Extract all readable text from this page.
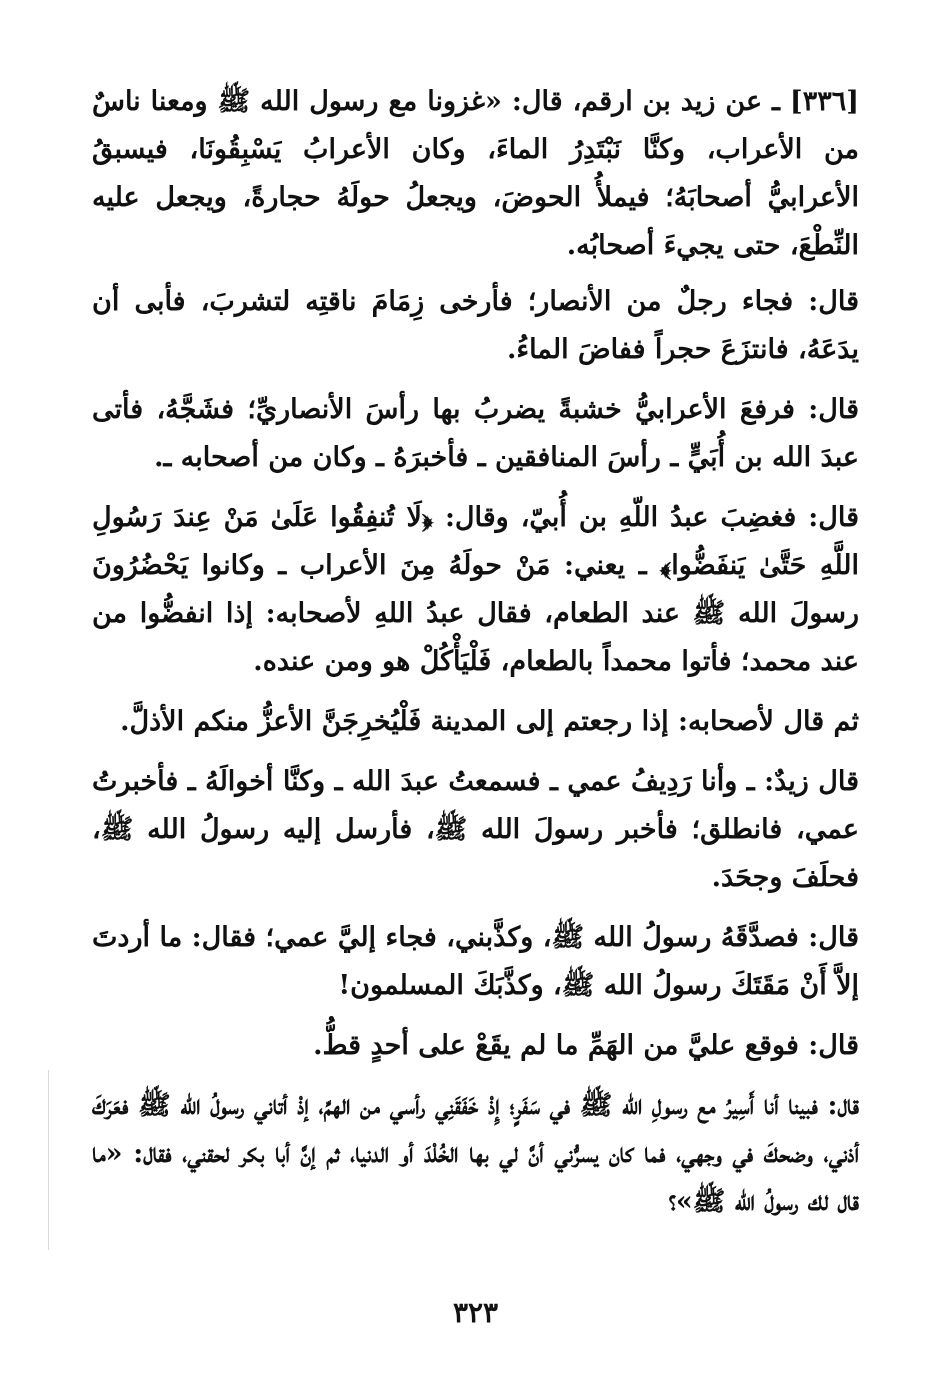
[٣٣٦] ـ عن زيد بن ارقم، قال: «غزونا مع رسول الله ﷺ ومعنا ناسٌ من الأعراب، وكنَّا نَبْتَدِرُ الماءَ، وكان الأعرابُ يَسْبِقُونَا، فيسبقُ الأعرابيُّ أصحابَهُ؛ فيملأُ الحوضَ، ويجعلُ حولَهُ حجارةً، ويجعل عليه النِّطْعَ، حتى يجيءَ أصحابُه.

قال: فجاء رجلٌ من الأنصار؛ فأرخى زِمَامَ ناقتِه لتشربَ، فأبى أن يدَعَهُ، فانتزَعَ حجراً ففاضَ الماءُ.

قال: فرفعَ الأعرابيُّ خشبةً يضربُ بها رأسَ الأنصاريِّ؛ فشَجَّهُ، فأتى عبدَ الله بن أُبَيٍّ ـ رأسَ المنافقين ـ فأخبرَهُ ـ وكان من أصحابه ـ.

قال: فغضِبَ عبدُ اللّهِ بن أُبيّ، وقال: ﴿لَا تُنفِقُوا عَلَىٰ مَنْ عِندَ رَسُولِ اللَّهِ حَتَّىٰ يَنفَضُّوا﴾ ـ يعني: مَنْ حولَهُ مِنَ الأعراب ـ وكانوا يَحْضُرُونَ رسولَ الله ﷺ عند الطعام، فقال عبدُ اللهِ لأصحابه: إذا انفضُّوا من عند محمد؛ فأتوا محمداً بالطعام، فَلْيَأْكُلْ هو ومن عنده.

ثم قال لأصحابه: إذا رجعتم إلى المدينة فَلْيُخرِجَنَّ الأعزُّ منكم الأذلَّ.

قال زيدٌ: ـ وأنا رَدِيفُ عمي ـ فسمعتُ عبدَ الله ـ وكنَّا أخوالَهُ ـ فأخبرتُ عمي، فانطلق؛ فأخبر رسولَ الله ﷺ، فأرسل إليه رسولُ الله ﷺ، فحلَفَ وجحَدَ.

قال: فصدَّقَهُ رسولُ الله ﷺ، وكذَّبني، فجاء إليَّ عمي؛ فقال: ما أردتَ إلاَّ أَنْ مَقَتَكَ رسولُ الله ﷺ، وكذَّبَكَ المسلمون!

قال: فوقع عليَّ من الهَمِّ ما لم يقَعْ على أحدٍ قطُّ.

قال: فبينا أنا أَسِيرُ مع رسولِ الله ﷺ في سَفَرٍ؛ إِذْ خَفَقَنِي رأسي من الهمِّ، إذْ أتاني رسولُ الله ﷺ فعَرَكَ أذني، وضحكَ في وجهي، فما كان يسرُّني أنَّ لي بها الخُلْدَ أو الدنيا، ثم إنَّ أبا بكر لحقني، فقال: «ما قال لك رسولُ الله ﷺ»؟

٣٢٣
